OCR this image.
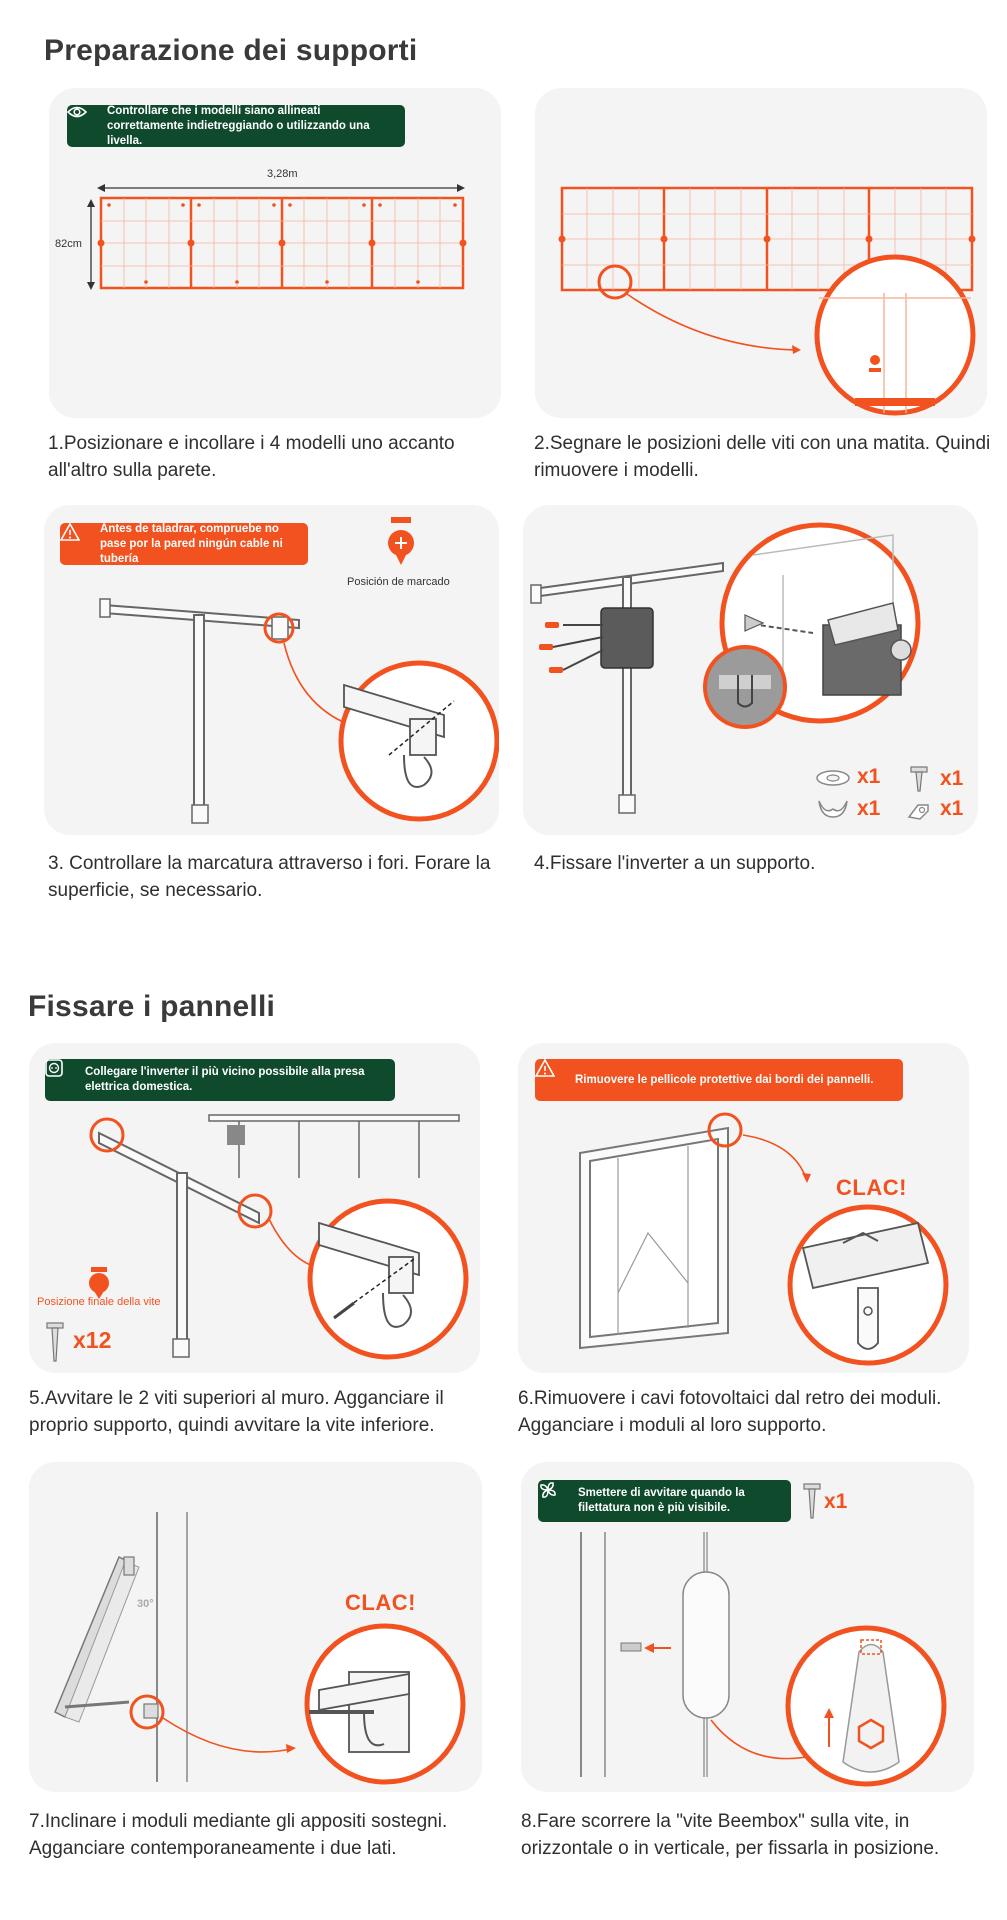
Preparazione dei supporti
Controllare che i modelli siano allineati correttamente indietreggiando o utilizzando una livella.
3,28m
82cm
1.Posizionare e incollare i 4 modelli uno accanto all'altro sulla parete.
2.Segnare le posizioni delle viti con una matita. Quindi rimuovere i modelli.
Antes de taladrar, compruebe no pase por la pared ningún cable ni tubería
Posición de marcado
3. Controllare la marcatura attraverso i fori. Forare la superficie, se necessario.
x1
x1
x1
x1
4.Fissare l'inverter a un supporto.
Fissare i pannelli
Collegare l'inverter il più vicino possibile alla presa elettrica domestica.
Posizione finale della vite
x12
5.Avvitare le 2 viti superiori al muro. Agganciare il proprio supporto, quindi avvitare la vite inferiore.
Rimuovere le pellicole protettive dai bordi dei pannelli.
CLAC!
6.Rimuovere i cavi fotovoltaici dal retro dei moduli. Agganciare i moduli al loro supporto.
30°	CLAC!
7.Inclinare i moduli mediante gli appositi sostegni. Agganciare contemporaneamente i due lati.
Smettere di avvitare quando la filettatura non è più visibile.	x1
8.Fare scorrere la "vite Beembox" sulla vite, in orizzontale o in verticale, per fissarla in posizione.
